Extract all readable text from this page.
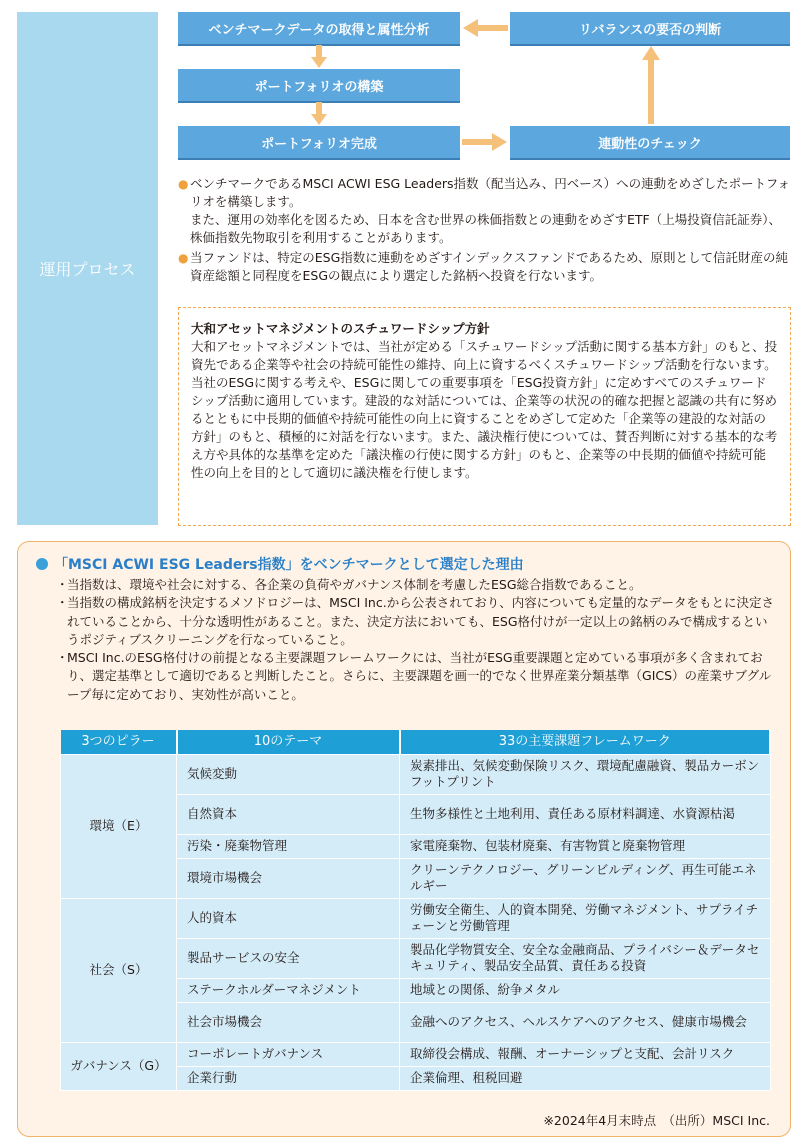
運用プロセス
ベンチマークデータの取得と属性分析
ポートフォリオの構築
ポートフォリオ完成
リバランスの要否の判断
連動性のチェック
● ベンチマークであるMSCI ACWI ESG Leaders指数（配当込み、円ベース）への連動をめざしたポートフォリオを構築します。
また、運用の効率化を図るため、日本を含む世界の株価指数との連動をめざすETF（上場投資信託証券）、株価指数先物取引を利用することがあります。
● 当ファンドは、特定のESG指数に連動をめざすインデックスファンドであるため、原則として信託財産の純資産総額と同程度をESGの観点により選定した銘柄へ投資を行ないます。
大和アセットマネジメントのスチュワードシップ方針
大和アセットマネジメントでは、当社が定める「スチュワードシップ活動に関する基本方針」のもと、投資先である企業等や社会の持続可能性の維持、向上に資するべくスチュワードシップ活動を行ないます。当社のESGに関する考えや、ESGに関しての重要事項を「ESG投資方針」に定めすべてのスチュワードシップ活動に適用しています。建設的な対話については、企業等の状況の的確な把握と認識の共有に努めるとともに中長期的価値や持続可能性の向上に資することをめざして定めた「企業等の建設的な対話の方針」のもと、積極的に対話を行ないます。また、議決権行使については、賛否判断に対する基本的な考え方や具体的な基準を定めた「議決権の行使に関する方針」のもと、企業等の中長期的価値や持続可能性の向上を目的として適切に議決権を行使します。
「MSCI ACWI ESG Leaders指数」をベンチマークとして選定した理由
・
当指数は、環境や社会に対する、各企業の負荷やガバナンス体制を考慮したESG総合指数であること。
・
当指数の構成銘柄を決定するメソドロジーは、MSCI Inc.から公表されており、内容についても定量的なデータをもとに決定されていることから、十分な透明性があること。また、決定方法においても、ESG格付けが一定以上の銘柄のみで構成するというポジティブスクリーニングを行なっていること。
・
MSCI Inc.のESG格付けの前提となる主要課題フレームワークには、当社がESG重要課題と定めている事項が多く含まれており、選定基準として適切であると判断したこと。さらに、主要課題を画一的でなく世界産業分類基準（GICS）の産業サブグループ毎に定めており、実効性が高いこと。
3つのピラー	10のテーマ	33の主要課題フレームワーク
環境（E）	気候変動	炭素排出、気候変動保険リスク、環境配慮融資、製品カーボンフットプリント
	自然資本	生物多様性と土地利用、責任ある原材料調達、水資源枯渇
	汚染・廃棄物管理	家電廃棄物、包装材廃棄、有害物質と廃棄物管理
	環境市場機会	クリーンテクノロジー、グリーンビルディング、再生可能エネルギー
社会（S）	人的資本	労働安全衛生、人的資本開発、労働マネジメント、サプライチェーンと労働管理
	製品サービスの安全	製品化学物質安全、安全な金融商品、プライバシー＆データセキュリティ、製品安全品質、責任ある投資
	ステークホルダーマネジメント	地域との関係、紛争メタル
	社会市場機会	金融へのアクセス、ヘルスケアへのアクセス、健康市場機会
ガバナンス（G）	コーポレートガバナンス	取締役会構成、報酬、オーナーシップと支配、会計リスク
	企業行動	企業倫理、租税回避
※2024年4月末時点　（出所）MSCI Inc.
